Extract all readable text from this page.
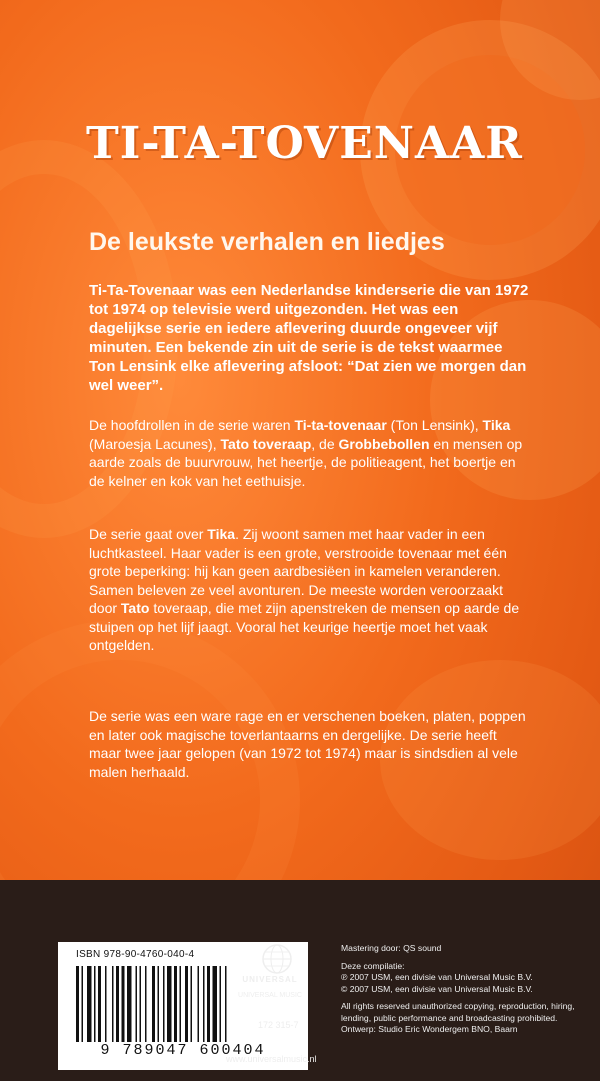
TI-TA-TOVENAAR
De leukste verhalen en liedjes
Ti-Ta-Tovenaar was een Nederlandse kinderserie die van 1972 tot 1974 op televisie werd uitgezonden. Het was een dagelijkse serie en iedere aflevering duurde ongeveer vijf minuten. Een bekende zin uit de serie is de tekst waarmee Ton Lensink elke aflevering afsloot: “Dat zien we morgen dan wel weer”.
De hoofdrollen in de serie waren Ti-ta-tovenaar (Ton Lensink), Tika (Maroesja Lacunes), Tato toveraap, de Grobbebollen en mensen op aarde zoals de buurvrouw, het heertje, de politieagent, het boertje en de kelner en kok van het eethuisje.
De serie gaat over Tika. Zij woont samen met haar vader in een luchtkasteel. Haar vader is een grote, verstrooide tovenaar met één grote beperking: hij kan geen aardbesiëen in kamelen veranderen.
Samen beleven ze veel avonturen. De meeste worden veroorzaakt door Tato toveraap, die met zijn apenstreken de mensen op aarde de stuipen op het lijf jaagt. Vooral het keurige heertje moet het vaak ontgelden.
De serie was een ware rage en er verschenen boeken, platen, poppen en later ook magische toverlantaarns en dergelijke. De serie heeft maar twee jaar gelopen (van 1972 tot 1974) maar is sindsdien al vele malen herhaald.
ISBN 978-90-4760-040-4
9 789047 600404
UNIVERSAL
UNIVERSAL MUSIC
172 315-7
www.universalmusic.nl
Mastering door: QS sound
Deze compilatie:
℗ 2007 USM, een divisie van Universal Music B.V.
© 2007 USM, een divisie van Universal Music B.V.
All rights reserved unauthorized copying, reproduction, hiring, lending, public performance and broadcasting prohibited.
Ontwerp: Studio Eric Wondergem BNO, Baarn
